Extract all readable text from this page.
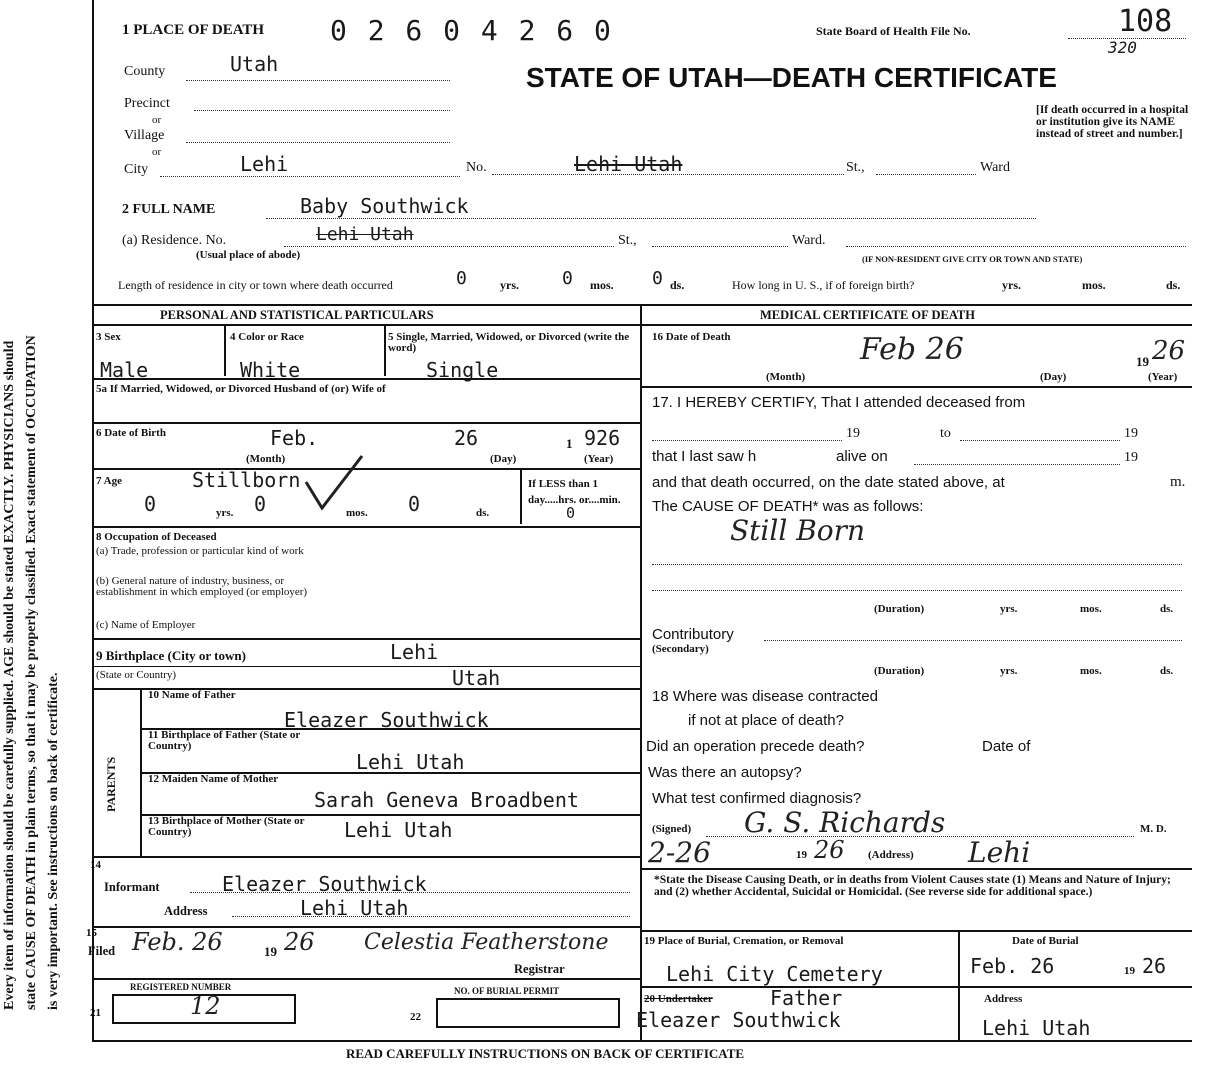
Every item of information should be carefully supplied. AGE should be stated EXACTLY. PHYSICIANS should state CAUSE OF DEATH in plain terms, so that it may be properly classified. Exact statement of OCCUPATION is very important. See instructions on back of certificate.
1 PLACE OF DEATH 0 2 6 0 4 2 6 0	State Board of Health File No.	108
320
STATE OF UTAH—DEATH CERTIFICATE
[If death occurred in a hospital or institution give its NAME instead of street and number.]
County	Utah
Precinct
or
Village
or
City	Lehi	No.	Lehi Utah	St.,	Ward
2 FULL NAME	Baby Southwick
(a) Residence. No.	Lehi Utah	St.,	Ward.
(Usual place of abode)	(IF NON-RESIDENT GIVE CITY OR TOWN AND STATE)
Length of residence in city or town where death occurred	0	yrs. 0 mos. 0 ds.	How long in U. S., if of foreign birth?	yrs.	mos.	ds.
PERSONAL AND STATISTICAL PARTICULARS
3 Sex
Male
4 Color or Race
White
5 Single, Married, Widowed, or Divorced (write the word)
Single
5a If Married, Widowed, or Divorced Husband of (or) Wife of
6 Date of Birth	Feb.	26	1 926
(Month)	(Day)	(Year)
7 Age	Stillborn
0	yrs. 0	mos. 0	ds.
If LESS than 1 day.....hrs. or....min.
0
8 Occupation of Deceased
(a) Trade, profession or particular kind of work
(b) General nature of industry, business, or establishment in which employed (or employer)
(c) Name of Employer
9 Birthplace (City or town)	Lehi
(State or Country)	Utah
PARENTS
10 Name of Father
Eleazer Southwick
11 Birthplace of Father (State or Country)
Lehi Utah
12 Maiden Name of Mother
Sarah Geneva Broadbent
13 Birthplace of Mother (State or Country)	Lehi Utah
14
Informant	Eleazer Southwick
Address	Lehi Utah
15
Filed Feb. 26	19 26 Celestia Featherstone
Registrar
REGISTERED NUMBER
21	12
NO. OF BURIAL PERMIT
22
MEDICAL CERTIFICATE OF DEATH
16 Date of Death	Feb 26	19 26
(Month)	(Day)	(Year)
17. I HEREBY CERTIFY, That I attended deceased from
19	to	19
that I last saw h	alive on	19
and that death occurred, on the date stated above, at	m.
The CAUSE OF DEATH* was as follows:
Still Born
(Duration)	yrs.	mos.	ds.
Contributory
(Secondary)
(Duration)	yrs.	mos.	ds.
18 Where was disease contracted
if not at place of death?
Did an operation precede death?	Date of
Was there an autopsy?
What test confirmed diagnosis?
(Signed) G. S. Richards	M. D.
2-26	19 26 (Address) Lehi
*State the Disease Causing Death, or in deaths from Violent Causes state (1) Means and Nature of Injury; and (2) whether Accidental, Suicidal or Homicidal. (See reverse side for additional space.)
19 Place of Burial, Cremation, or Removal
Lehi City Cemetery
Date of Burial
Feb. 26	19 26
20 Undertaker	Father
Eleazer Southwick
Address
Lehi Utah
READ CAREFULLY INSTRUCTIONS ON BACK OF CERTIFICATE
